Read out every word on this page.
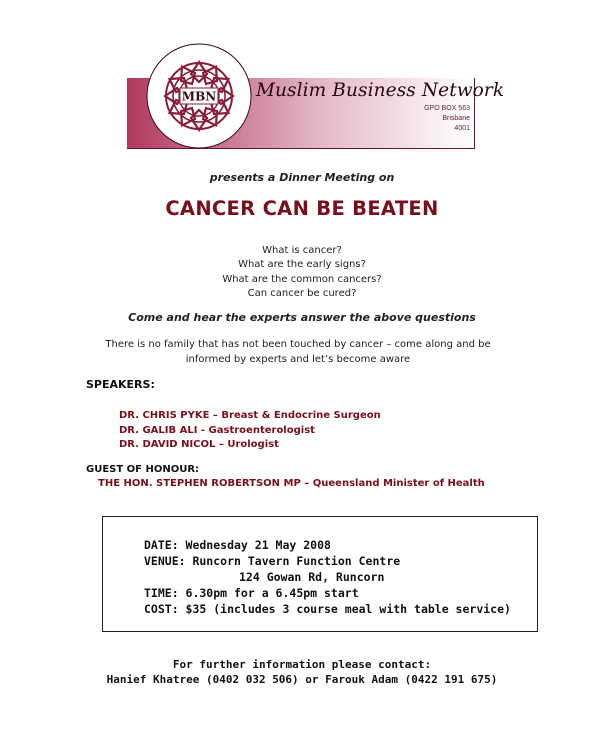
MBN Muslim Business Network
GPO BOX 563
Brisbane
4001
presents a Dinner Meeting on
CANCER CAN BE BEATEN
What is cancer?
What are the early signs?
What are the common cancers?
Can cancer be cured?
Come and hear the experts answer the above questions
There is no family that has not been touched by cancer – come along and be
informed by experts and let’s become aware
SPEAKERS:
DR. CHRIS PYKE – Breast & Endocrine Surgeon
DR. GALIB ALI - Gastroenterologist
DR. DAVID NICOL – Urologist
GUEST OF HONOUR:
THE HON. STEPHEN ROBERTSON MP – Queensland Minister of Health
DATE: Wednesday 21 May 2008
VENUE: Runcorn Tavern Function Centre
124 Gowan Rd, Runcorn
TIME: 6.30pm for a 6.45pm start
COST: $35 (includes 3 course meal with table service)
For further information please contact:
Hanief Khatree (0402 032 506) or Farouk Adam (0422 191 675)
